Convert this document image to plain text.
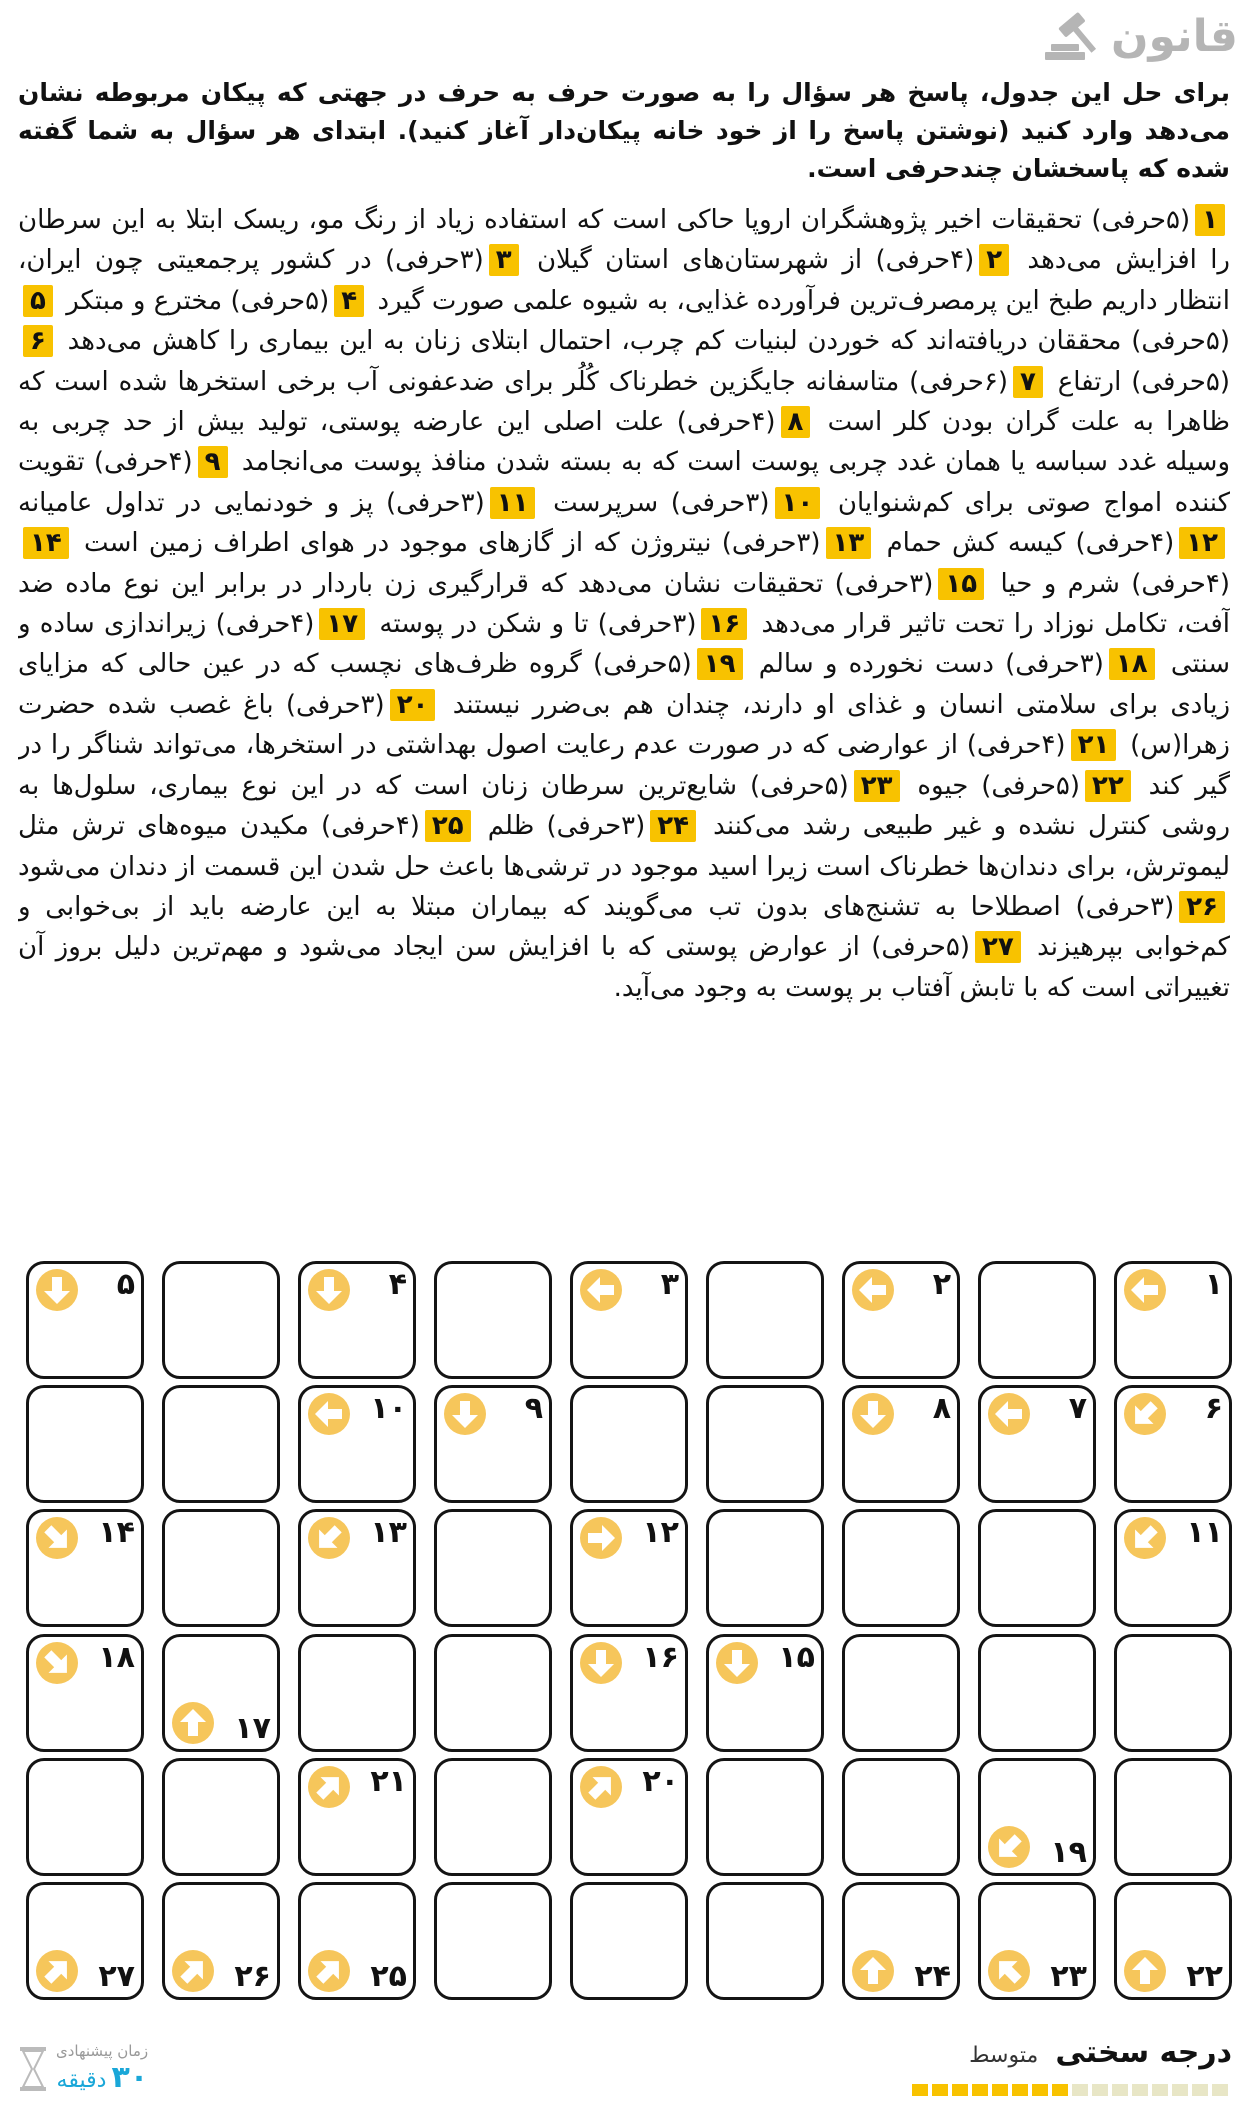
قانون
برای حل این جدول، پاسخ هر سؤال را به صورت حرف به حرف در جهتی که پیکان مربوطه نشان می‌دهد وارد کنید (نوشتن پاسخ را از خود خانه پیکان‌دار آغاز کنید). ابتدای هر سؤال به شما گفته شده که پاسخشان چندحرفی است.
۱(۵حرفی) تحقیقات اخیر پژوهشگران اروپا حاکی است که استفاده زیاد از رنگ مو، ریسک ابتلا به این سرطان را افزایش می‌دهد ۲(۴حرفی) از شهرستان‌های استان گیلان ۳(۳حرفی) در کشور پرجمعیتی چون ایران، انتظار داریم طبخ این پرمصرف‌ترین فرآورده غذایی، به شیوه علمی صورت گیرد ۴(۵حرفی) مخترع و مبتکر ۵(۵حرفی) محققان دریافته‌اند که خوردن لبنیات کم چرب، احتمال ابتلای زنان به این بیماری را کاهش می‌دهد ۶(۵حرفی) ارتفاع ۷(۶حرفی) متاسفانه جایگزین خطرناک کُلُر برای ضدعفونی آب برخی استخرها شده است که ظاهرا به علت گران بودن کلر است ۸(۴حرفی) علت اصلی این عارضه پوستی، تولید بیش از حد چربی به وسیله غدد سباسه یا همان غدد چربی پوست است که به بسته شدن منافذ پوست می‌انجامد ۹(۴حرفی) تقویت کننده امواج صوتی برای کم‌شنوایان ۱۰(۳حرفی) سرپرست ۱۱(۳حرفی) پز و خودنمایی در تداول عامیانه ۱۲(۴حرفی) کیسه کش حمام ۱۳(۳حرفی) نیتروژن که از گازهای موجود در هوای اطراف زمین است ۱۴(۴حرفی) شرم و حیا ۱۵(۳حرفی) تحقیقات نشان می‌دهد که قرارگیری زن باردار در برابر این نوع ماده ضد آفت، تکامل نوزاد را تحت تاثیر قرار می‌دهد ۱۶(۳حرفی) تا و شکن در پوسته ۱۷(۴حرفی) زیراندازی ساده و سنتی ۱۸(۳حرفی) دست نخورده و سالم ۱۹(۵حرفی) گروه ظرف‌های نچسب که در عین حالی که مزایای زیادی برای سلامتی انسان و غذای او دارند، چندان هم بی‌ضرر نیستند ۲۰(۳حرفی) باغ غصب شده حضرت زهرا(س) ۲۱(۴حرفی) از عوارضی که در صورت عدم رعایت اصول بهداشتی در استخرها، می‌تواند شناگر را در گیر کند ۲۲(۵حرفی) جیوه ۲۳(۵حرفی) شایع‌ترین سرطان زنان است که در این نوع بیماری، سلول‌ها به روشی کنترل نشده و غیر طبیعی رشد می‌کنند ۲۴(۳حرفی) ظلم ۲۵(۴حرفی) مکیدن میوه‌های ترش مثل لیموترش، برای دندان‌ها خطرناک است زیرا اسید موجود در ترشی‌ها باعث حل شدن این قسمت از دندان می‌شود ۲۶(۳حرفی) اصطلاحا به تشنج‌های بدون تب می‌گویند که بیماران مبتلا به این عارضه باید از بی‌خوابی و کم‌خوابی بپرهیزند ۲۷(۵حرفی) از عوارض پوستی که با افزایش سن ایجاد می‌شود و مهم‌ترین دلیل بروز آن تغییراتی است که با تابش آفتاب بر پوست به وجود می‌آید.
۱
۲
۳
۴
۵
۶
۷
۸
۹
۱۰
۱۱
۱۲
۱۳
۱۴
۱۵
۱۶
۱۷
۱۸
۱۹
۲۰
۲۱
۲۲
۲۳
۲۴
۲۵
۲۶
۲۷
درجه سختی متوسط
زمان پیشنهادی
۳۰ دقیقه
